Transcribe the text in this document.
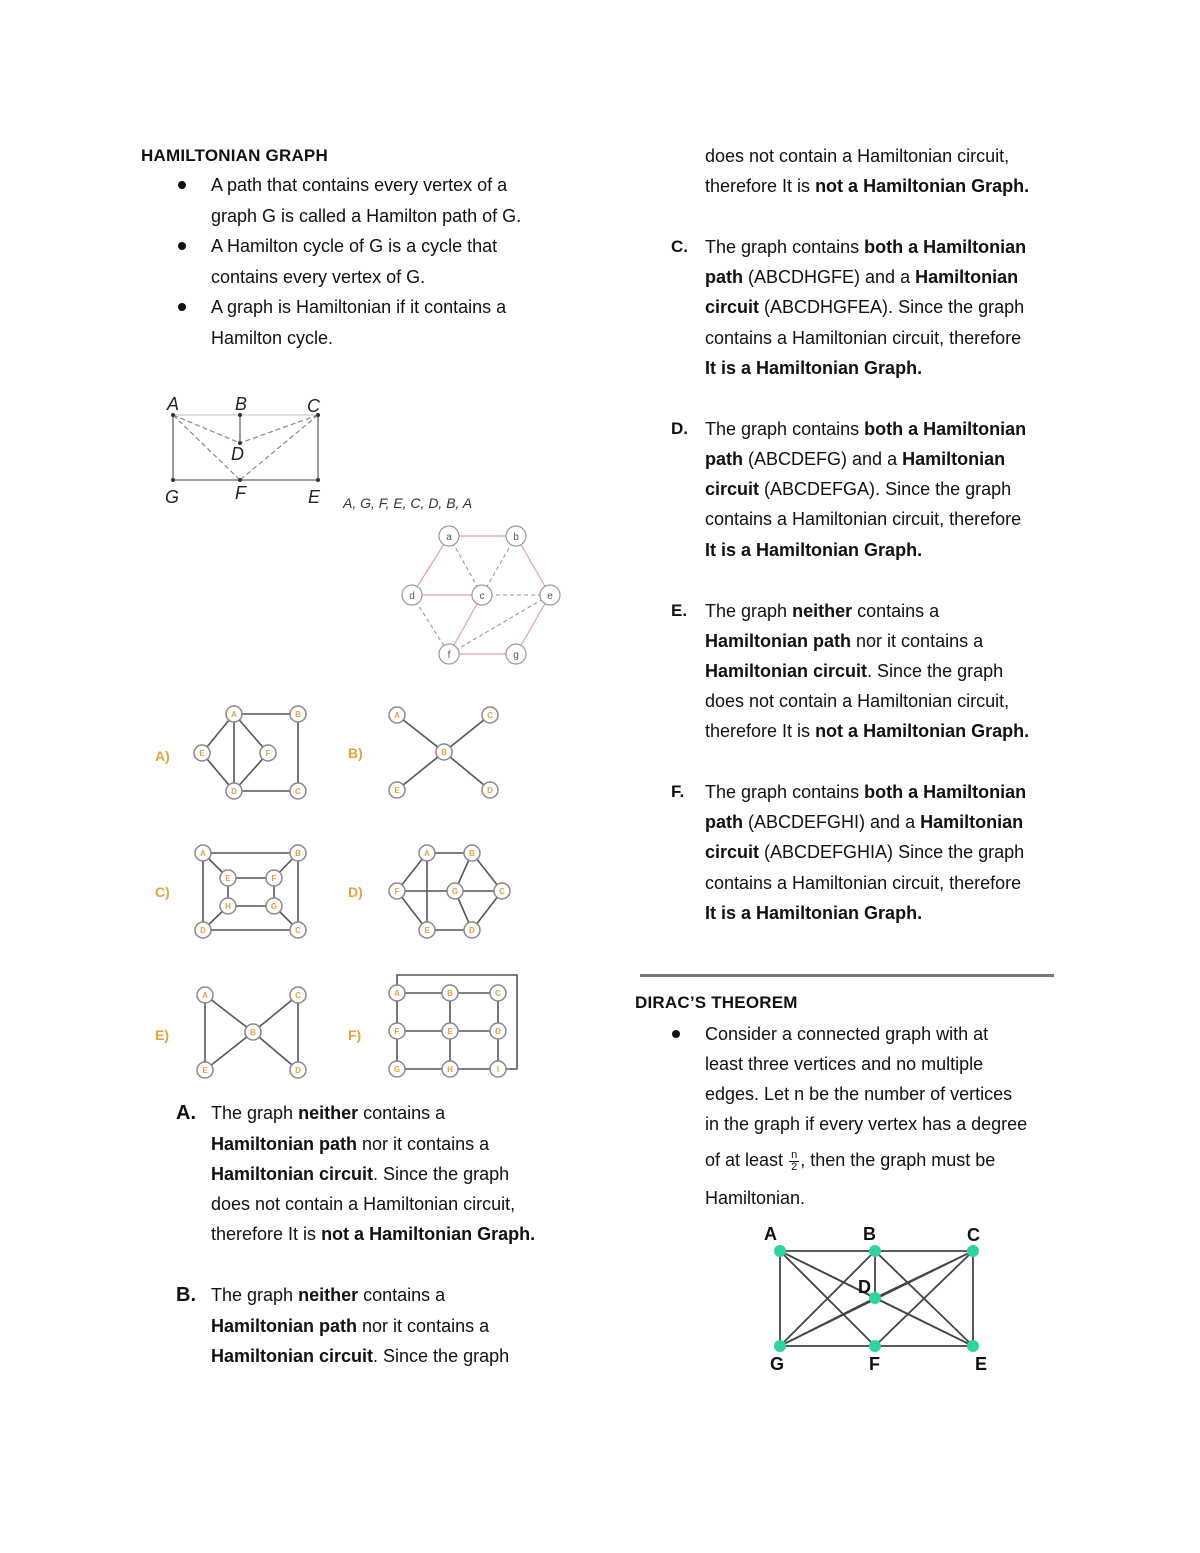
HAMILTONIAN GRAPH
A path that contains every vertex of a
graph G is called a Hamilton path of G.
A Hamilton cycle of G is a cycle that
contains every vertex of G.
A graph is Hamiltonian if it contains a
Hamilton cycle.
A	B	C
D
G	F	E A, G, F, E, C, D, B, A
a	b
c
d	e
f	g
A)
A	B
E	F
D	C
B)
A	C
B
E	D
C)
A	B
E	F
H	G
D	C
D)
A	B
F	G	C
E	D
E)
A	C
B
E	D
F)
A	B	C
F	E	D
G	H	I
A. The graph neither contains a
Hamiltonian path nor it contains a
Hamiltonian circuit. Since the graph
does not contain a Hamiltonian circuit,
therefore It is not a Hamiltonian Graph.
B. The graph neither contains a
Hamiltonian path nor it contains a
Hamiltonian circuit. Since the graph
does not contain a Hamiltonian circuit,
therefore It is not a Hamiltonian Graph.
C. The graph contains both a Hamiltonian
path (ABCDHGFE) and a Hamiltonian
circuit (ABCDHGFEA). Since the graph
contains a Hamiltonian circuit, therefore
It is a Hamiltonian Graph.
D. The graph contains both a Hamiltonian
path (ABCDEFG) and a Hamiltonian
circuit (ABCDEFGA). Since the graph
contains a Hamiltonian circuit, therefore
It is a Hamiltonian Graph.
E. The graph neither contains a
Hamiltonian path nor it contains a
Hamiltonian circuit. Since the graph
does not contain a Hamiltonian circuit,
therefore It is not a Hamiltonian Graph.
F. The graph contains both a Hamiltonian
path (ABCDEFGHI) and a Hamiltonian
circuit (ABCDEFGHIA) Since the graph
contains a Hamiltonian circuit, therefore
It is a Hamiltonian Graph.
DIRAC’S THEOREM
Consider a connected graph with at
least three vertices and no multiple
edges. Let n be the number of vertices
in the graph if every vertex has a degree
of at least $\frac{n}{2}$ , then the graph must be
Hamiltonian.
A	B	C
D
G	F	E
